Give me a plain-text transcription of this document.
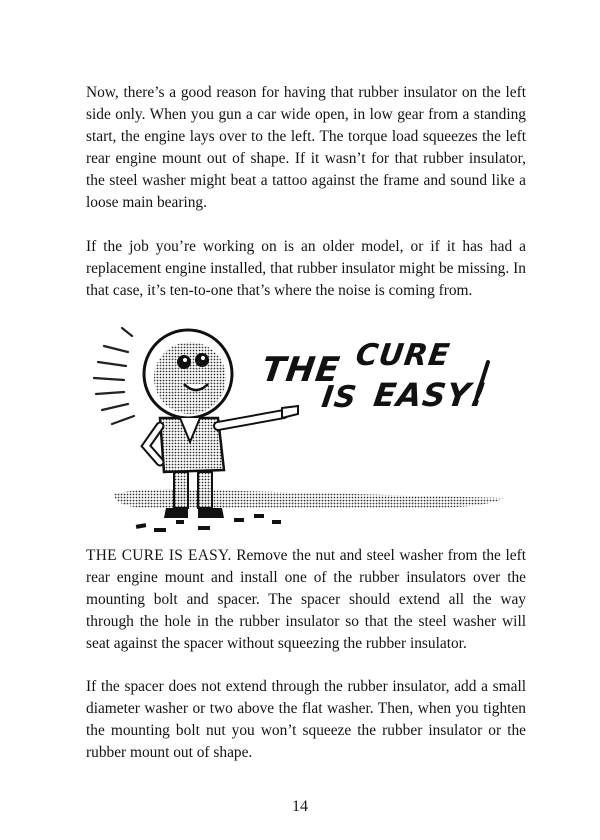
Now, there’s a good reason for having that rubber insulator on the left side only. When you gun a car wide open, in low gear from a standing start, the engine lays over to the left. The torque load squeezes the left rear engine mount out of shape. If it wasn’t for that rubber insulator, the steel washer might beat a tattoo against the frame and sound like a loose main bearing.

If the job you’re working on is an older model, or if it has had a replacement engine installed, that rubber insulator might be missing. In that case, it’s ten-to-one that’s where the noise is coming from.

THE CURE
IS EASY!

THE CURE IS EASY. Remove the nut and steel washer from the left rear engine mount and install one of the rubber insulators over the mounting bolt and spacer. The spacer should extend all the way through the hole in the rubber insulator so that the steel washer will seat against the spacer without squeezing the rubber insulator.

If the spacer does not extend through the rubber insulator, add a small diameter washer or two above the flat washer. Then, when you tighten the mounting bolt nut you won’t squeeze the rubber insulator or the rubber mount out of shape.

14
